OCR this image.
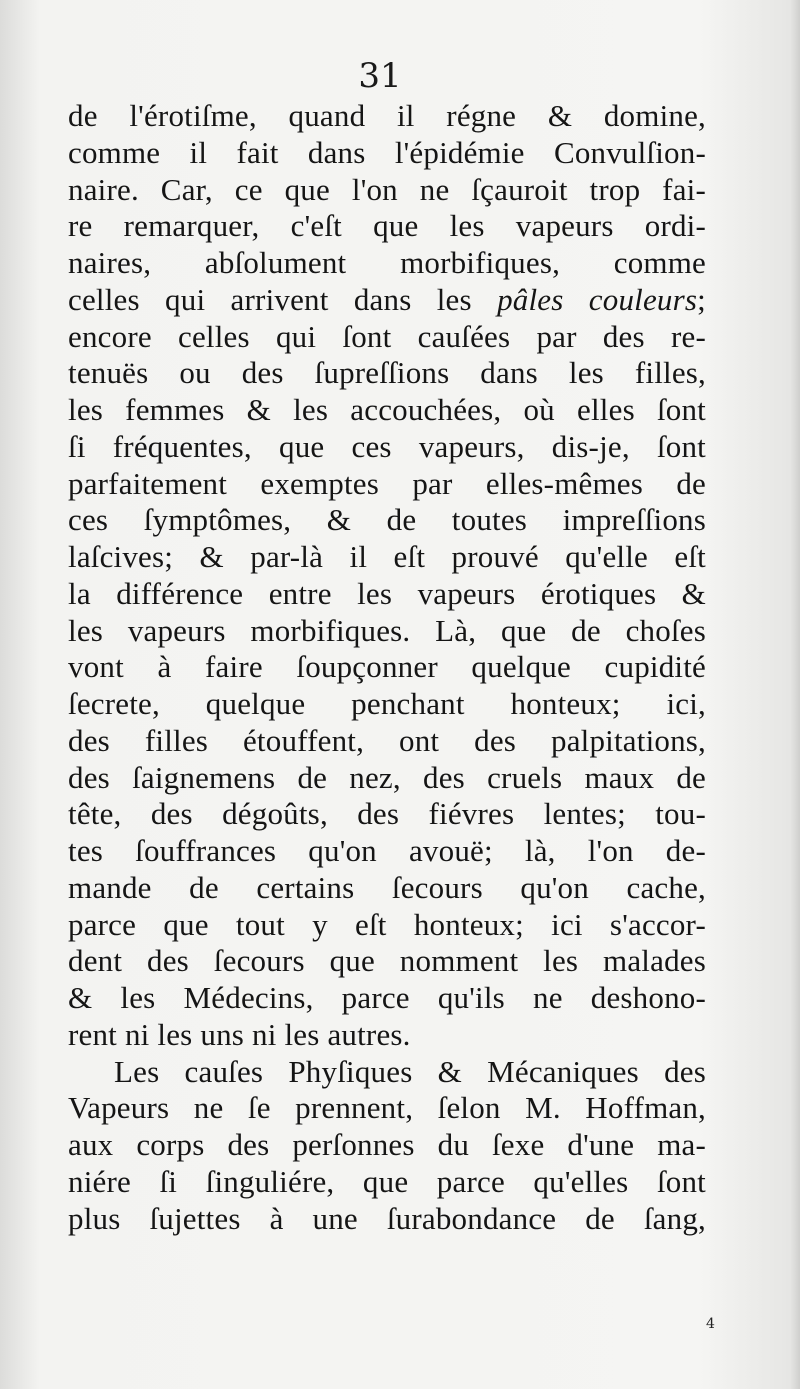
31
de l'érotiſme, quand il régne & domine,
comme il fait dans l'épidémie Convulſion-
naire. Car, ce que l'on ne ſçauroit trop fai-
re remarquer, c'eſt que les vapeurs ordi-
naires, abſolument morbifiques, comme
celles qui arrivent dans les pâles couleurs;
encore celles qui ſont cauſées par des re-
tenuës ou des ſupreſſions dans les filles,
les femmes & les accouchées, où elles ſont
ſi fréquentes, que ces vapeurs, dis-je, ſont
parfaitement exemptes par elles-mêmes de
ces ſymptômes, & de toutes impreſſions
laſcives; & par-là il eſt prouvé qu'elle eſt
la différence entre les vapeurs érotiques &
les vapeurs morbifiques. Là, que de choſes
vont à faire ſoupçonner quelque cupidité
ſecrete, quelque penchant honteux; ici,
des filles étouffent, ont des palpitations,
des ſaignemens de nez, des cruels maux de
tête, des dégoûts, des fiévres lentes; tou-
tes ſouffrances qu'on avouë; là, l'on de-
mande de certains ſecours qu'on cache,
parce que tout y eſt honteux; ici s'accor-
dent des ſecours que nomment les malades
& les Médecins, parce qu'ils ne deshono-
rent ni les uns ni les autres.
Les cauſes Phyſiques & Mécaniques des
Vapeurs ne ſe prennent, ſelon M. Hoffman,
aux corps des perſonnes du ſexe d'une ma-
niére ſi ſinguliére, que parce qu'elles ſont
plus ſujettes à une ſurabondance de ſang,
4
